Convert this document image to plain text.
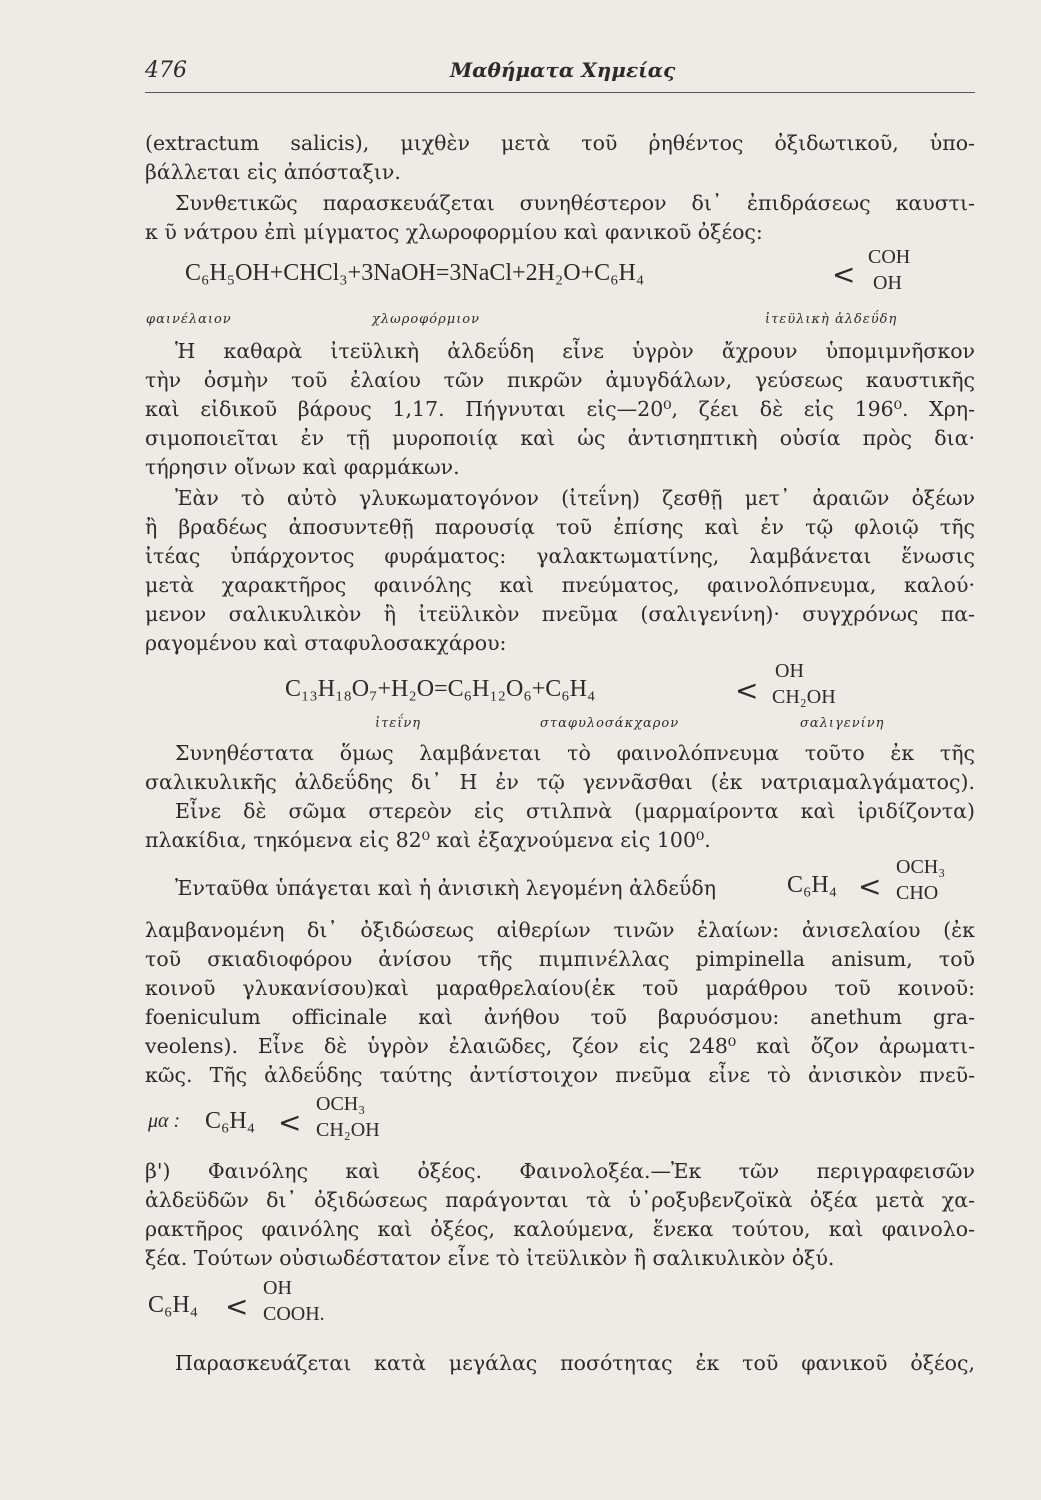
476	Μαθήματα Χημείας
(extractum salicis), μιχθὲν μετὰ τοῦ ῥηθέντος ὀξιδωτικοῦ, ὑπο-
βάλλεται εἰς ἀπόσταξιν.
Συνθετικῶς παρασκευάζεται συνηθέστερον δι᾽ ἐπιδράσεως καυστι-
κ ῦ νάτρου ἐπὶ μίγματος χλωροφορμίου καὶ φανικοῦ ὀξέος:
C₆H₅OH+CHCl₃+3NaOH=3NaCl+2H₂O+C₆H₄	<
COH
OH
φαινέλαιον	χλωροφόρμιον	ἰτεϋλικὴ ἀλδεΰδη
Ἡ καθαρὰ ἰτεϋλικὴ ἀλδεΰδη εἶνε ὑγρὸν ἄχρουν ὑπομιμνῆσκον
τὴν ὀσμὴν τοῦ ἐλαίου τῶν πικρῶν ἀμυγδάλων, γεύσεως καυστικῆς
καὶ εἰδικοῦ βάρους 1,17. Πήγνυται εἰς—20⁰, ζέει δὲ εἰς 196⁰. Χρη-
σιμοποιεῖται ἐν τῇ μυροποιίᾳ καὶ ὡς ἀντισηπτικὴ οὐσία πρὸς δια·
τήρησιν οἴνων καὶ φαρμάκων.
Ἐὰν τὸ αὐτὸ γλυκωματογόνον (ἰτεΐνη) ζεσθῇ μετ᾽ ἀραιῶν ὀξέων
ἢ βραδέως ἀποσυντεθῇ παρουσίᾳ τοῦ ἐπίσης καὶ ἐν τῷ φλοιῷ τῆς
ἰτέας ὑπάρχοντος φυράματος: γαλακτωματίνης, λαμβάνεται ἕνωσις
μετὰ χαρακτῆρος φαινόλης καὶ πνεύματος, φαινολόπνευμα, καλού·
μενον σαλικυλικὸν ἢ ἰτεϋλικὸν πνεῦμα (σαλιγενίνη)· συγχρόνως πα-
ραγομένου καὶ σταφυλοσακχάρου:
C₁₃H₁₈O₇+H₂O=C₆H₁₂O₆+C₆H₄	<
OH
CH₂OH
ἰτεΐνη	σταφυλοσάκχαρον	σαλιγενίνη
Συνηθέστατα ὅμως λαμβάνεται τὸ φαινολόπνευμα τοῦτο ἐκ τῆς
σαλικυλικῆς ἀλδεΰδης δι᾽ Η ἐν τῷ γεννᾶσθαι (ἐκ νατριαμαλγάματος).
Εἶνε δὲ σῶμα στερεὸν εἰς στιλπνὰ (μαρμαίροντα καὶ ἰριδίζοντα)
πλακίδια, τηκόμενα εἰς 82⁰ καὶ ἐξαχνούμενα εἰς 100⁰.
Ἐνταῦθα ὑπάγεται καὶ ἡ ἀνισικὴ λεγομένη ἀλδεΰδη	C₆H₄ <
OCH₃
CHO
λαμβανομένη δι᾽ ὀξιδώσεως αἰθερίων τινῶν ἐλαίων: ἀνισελαίου (ἐκ
τοῦ σκιαδιοφόρου ἀνίσου τῆς πιμπινέλλας pimpinella anisum, τοῦ
κοινοῦ γλυκανίσου)καὶ μαραθρελαίου(ἐκ τοῦ μαράθρου τοῦ κοινοῦ:
foeniculum officinale καὶ ἀνήθου τοῦ βαρυόσμου: anethum gra-
veolens). Εἶνε δὲ ὑγρὸν ἐλαιῶδες, ζέον εἰς 248⁰ καὶ ὄζον ἀρωματι-
κῶς. Τῆς ἀλδεΰδης ταύτης ἀντίστοιχον πνεῦμα εἶνε τὸ ἀνισικὸν πνεῦ-
μα : C₆H₄ <
OCH₃
CH₂OH
β') Φαινόλης καὶ ὀξέος. Φαινολοξέα.—Ἐκ τῶν περιγραφεισῶν
ἀλδεϋδῶν δι᾽ ὀξιδώσεως παράγονται τὰ ὑ᾽ροξυβενζοϊκὰ ὀξέα μετὰ χα-
ρακτῆρος φαινόλης καὶ ὀξέος, καλούμενα, ἕνεκα τούτου, καὶ φαινολο-
ξέα. Τούτων οὐσιωδέστατον εἶνε τὸ ἰτεϋλικὸν ἢ σαλικυλικὸν ὀξύ.
C₆H₄ <
OH
COOH.
Παρασκευάζεται κατὰ μεγάλας ποσότητας ἐκ τοῦ φανικοῦ ὀξέος,
